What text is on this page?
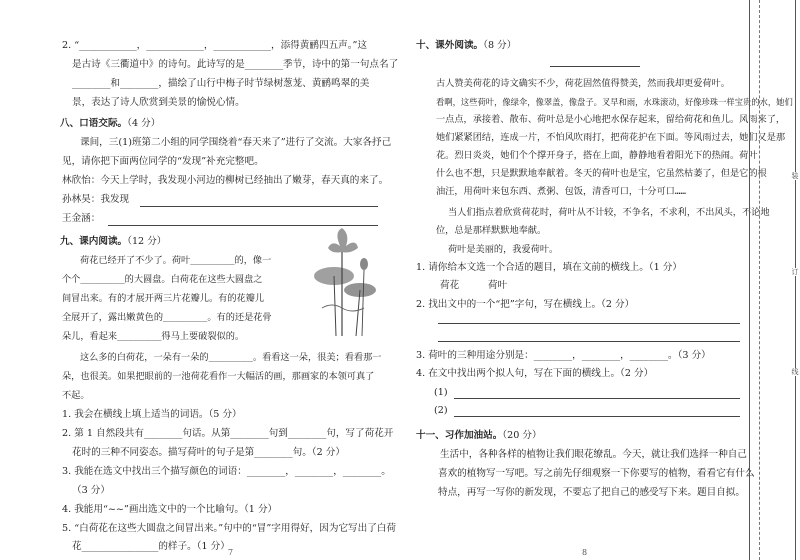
2. “____________，____________，____________，添得黄鹂四五声。”这
是古诗《三衢道中》的诗句。此诗写的是________季节，诗中的第一句点名了
________和________，描绘了山行中梅子时节绿树葱茏、黄鹂鸣翠的美
景，表达了诗人欣赏到美景的愉悦心情。
八、口语交际。（4 分）
课间，三(1)班第二小组的同学围绕着“春天来了”进行了交流。大家各抒己
见，请你把下面两位同学的“发现”补充完整吧。
林欣怡：今天上学时，我发现小河边的柳树已经抽出了嫩芽，春天真的来了。
孙林昊：我发现
王金涵：
九、课内阅读。（12 分）
荷花已经开了不少了。荷叶________的，像一
个个________的大圆盘。白荷花在这些大圆盘之
间冒出来。有的才展开两三片花瓣儿。有的花瓣儿
全展开了，露出嫩黄色的________。有的还是花骨
朵儿，看起来________得马上要破裂似的。
这么多的白荷花，一朵有一朵的________。看看这一朵，很美；看看那一
朵，也很美。如果把眼前的一池荷花看作一大幅活的画，那画家的本领可真了
不起。
1. 我会在横线上填上适当的词语。（5 分）
2. 第 1 自然段共有________句话。从第________句到________句，写了荷花开
花时的三种不同姿态。描写荷叶的句子是第________句。（2 分）
3. 我能在选文中找出三个描写颜色的词语：________，________，________。
（3 分）
4. 我能用“~~”画出选文中的一个比喻句。（1 分）
5. “白荷花在这些大圆盘之间冒出来。”句中的“冒”字用得好，因为它写出了白荷
花________________的样子。（1 分）
7
十、课外阅读。（8 分）
古人赞美荷花的诗文确实不少，荷花固然值得赞美，然而我却更爱荷叶。
看啊，这些荷叶，像绿伞，像翠盖，像盘子。叉早和雨，水珠滚动，好像珍珠一样宝贵的水，她们
一点点，承接着、散布、荷叶总是小心地把水保存起来，留给荷花和鱼儿。风雨来了，
她们紧紧团结，连成一片，不怕风吹雨打，把荷花护在下面。等风雨过去，她们又是那
花。烈日炎炎，她们个个撑开身子，搭在上面，静静地看着阳光下的热闹。荷叶
什么也不想，只是默默地奉献着。冬天的荷叶也是宝，它虽然枯萎了，但是它的根
油汪，用荷叶来包东西、煮粥、包饭，清香可口，十分可口……
当人们指点着欣赏荷花时，荷叶从不计较，不争名，不求利，不出风头，不论地
位，总是那样默默地奉献。
荷叶是美丽的，我爱荷叶。
1. 请你给本文选一个合适的题目，填在文前的横线上。（1 分）
荷花　　　荷叶
2. 找出文中的一个“把”字句，写在横线上。（2 分）
3. 荷叶的三种用途分别是：________，________，________。（3 分）
4. 在文中找出两个拟人句，写在下面的横线上。（2 分）
(1)
(2)
十一、习作加油站。（20 分）
生活中，各种各样的植物让我们眼花缭乱。今天，就让我们选择一种自己
喜欢的植物写一写吧。写之前先仔细观察一下你要写的植物，看看它有什么
特点，再写一写你的新发现，不要忘了把自己的感受写下来。题目自拟。
8
装
订
线
